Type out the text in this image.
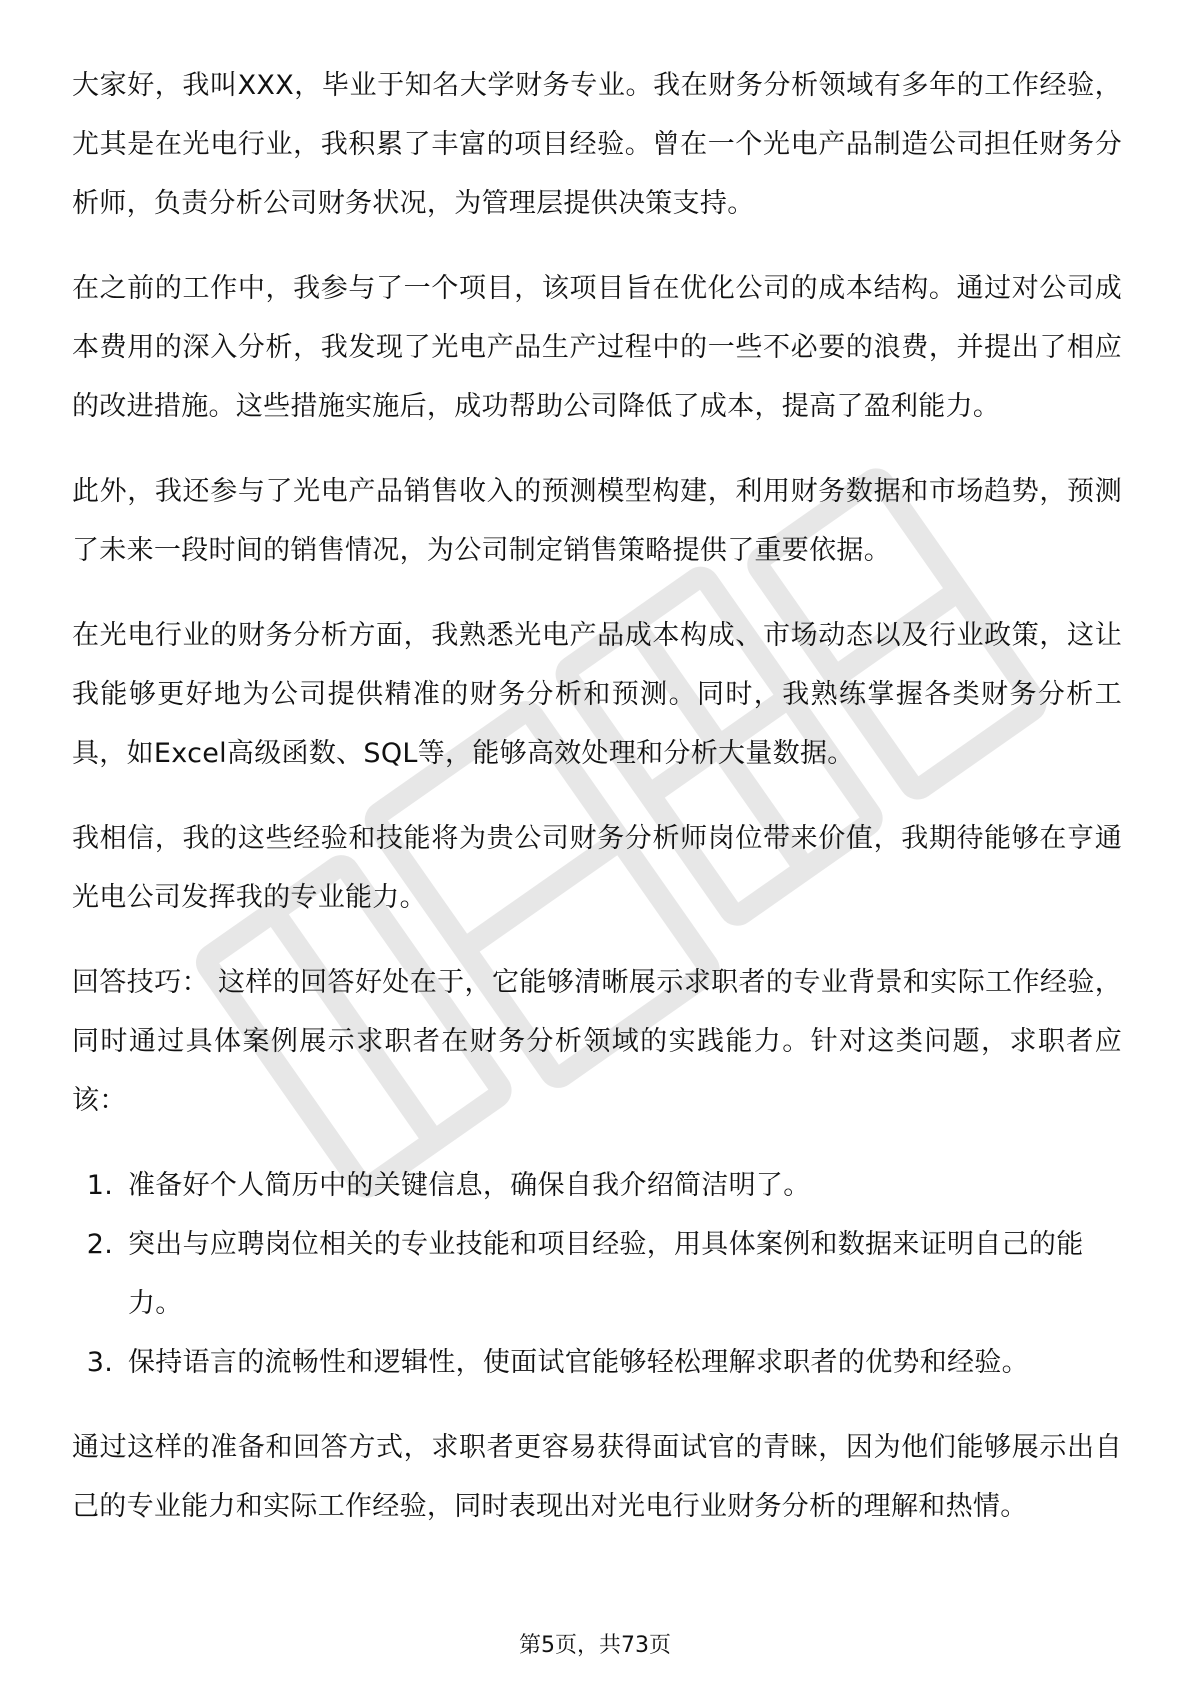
大家好，我叫XXX，毕业于知名大学财务专业。我在财务分析领域有多年的工作经验，尤其是在光电行业，我积累了丰富的项目经验。曾在一个光电产品制造公司担任财务分析师，负责分析公司财务状况，为管理层提供决策支持。

在之前的工作中，我参与了一个项目，该项目旨在优化公司的成本结构。通过对公司成本费用的深入分析，我发现了光电产品生产过程中的一些不必要的浪费，并提出了相应的改进措施。这些措施实施后，成功帮助公司降低了成本，提高了盈利能力。

此外，我还参与了光电产品销售收入的预测模型构建，利用财务数据和市场趋势，预测了未来一段时间的销售情况，为公司制定销售策略提供了重要依据。

在光电行业的财务分析方面，我熟悉光电产品成本构成、市场动态以及行业政策，这让我能够更好地为公司提供精准的财务分析和预测。同时，我熟练掌握各类财务分析工具，如Excel高级函数、SQL等，能够高效处理和分析大量数据。

我相信，我的这些经验和技能将为贵公司财务分析师岗位带来价值，我期待能够在亨通光电公司发挥我的专业能力。

回答技巧： 这样的回答好处在于，它能够清晰展示求职者的专业背景和实际工作经验，同时通过具体案例展示求职者在财务分析领域的实践能力。针对这类问题，求职者应该：

1. 准备好个人简历中的关键信息，确保自我介绍简洁明了。
2. 突出与应聘岗位相关的专业技能和项目经验，用具体案例和数据来证明自己的能力。
3. 保持语言的流畅性和逻辑性，使面试官能够轻松理解求职者的优势和经验。

通过这样的准备和回答方式，求职者更容易获得面试官的青睐，因为他们能够展示出自己的专业能力和实际工作经验，同时表现出对光电行业财务分析的理解和热情。

第5页，共73页
